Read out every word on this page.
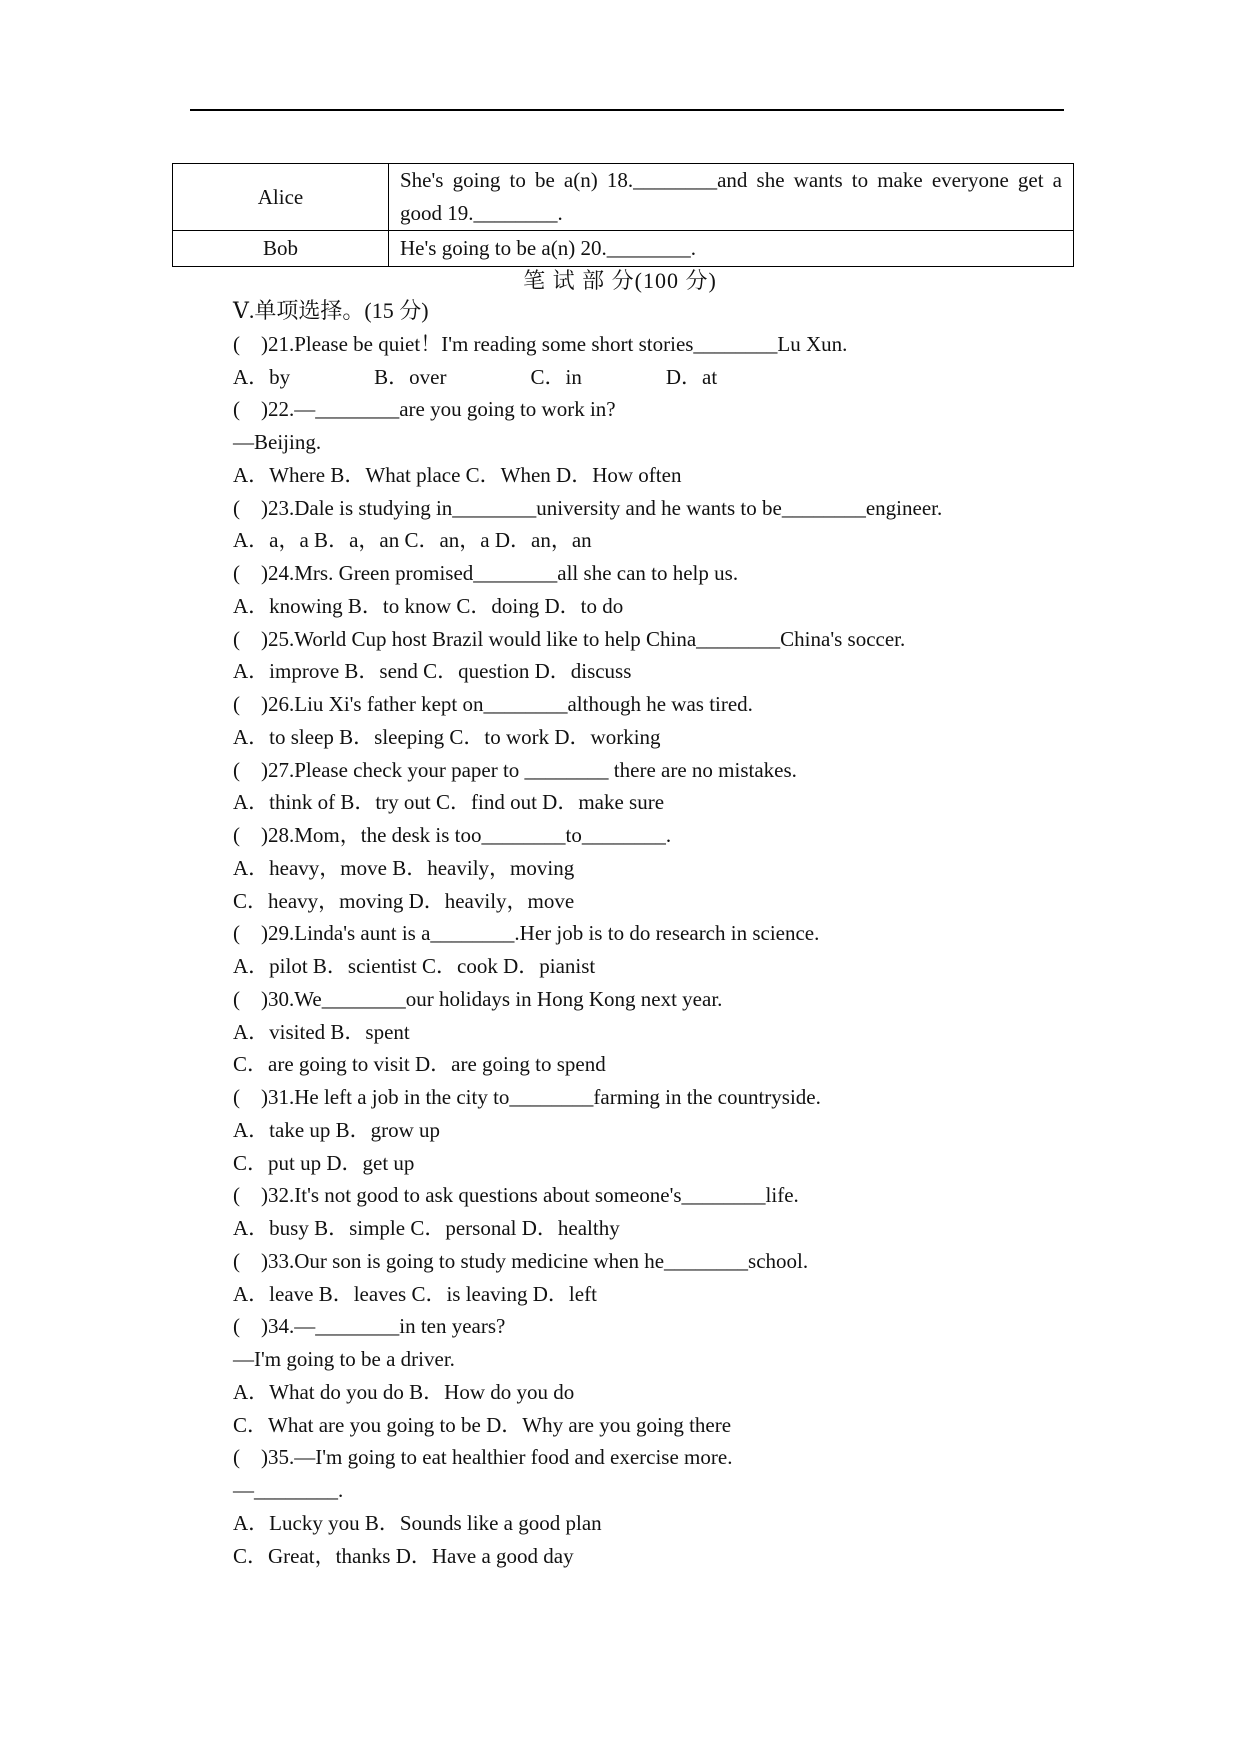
Alice	She's going to be a(n) 18.________and she wants to make everyone get a good 19.________.
Bob	He's going to be a(n) 20.________.
笔 试 部 分(100 分)
Ⅴ.单项选择。(15 分)
(　)21.Please be quiet！I'm reading some short stories________Lu Xun.
A．by　　　　B．over　　　　C．in　　　　D．at
(　)22.—________are you going to work in?
—Beijing.
A．Where B．What place C．When D．How often
(　)23.Dale is studying in________university and he wants to be________engineer.
A．a，a B．a，an C．an，a D．an，an
(　)24.Mrs. Green promised________all she can to help us.
A．knowing B．to know C．doing D．to do
(　)25.World Cup host Brazil would like to help China________China's soccer.
A．improve B．send C．question D．discuss
(　)26.Liu Xi's father kept on________although he was tired.
A．to sleep B．sleeping C．to work D．working
(　)27.Please check your paper to ________ there are no mistakes.
A．think of B．try out C．find out D．make sure
(　)28.Mom，the desk is too________to________.
A．heavy，move B．heavily，moving
C．heavy，moving D．heavily，move
(　)29.Linda's aunt is a________.Her job is to do research in science.
A．pilot B．scientist C．cook D．pianist
(　)30.We________our holidays in Hong Kong next year.
A．visited B．spent
C．are going to visit D．are going to spend
(　)31.He left a job in the city to________farming in the countryside.
A．take up B．grow up
C．put up D．get up
(　)32.It's not good to ask questions about someone's________life.
A．busy B．simple C．personal D．healthy
(　)33.Our son is going to study medicine when he________school.
A．leave B．leaves C．is leaving D．left
(　)34.—________in ten years?
—I'm going to be a driver.
A．What do you do B．How do you do
C．What are you going to be D．Why are you going there
(　)35.—I'm going to eat healthier food and exercise more.
—________.
A．Lucky you B．Sounds like a good plan
C．Great，thanks D．Have a good day
